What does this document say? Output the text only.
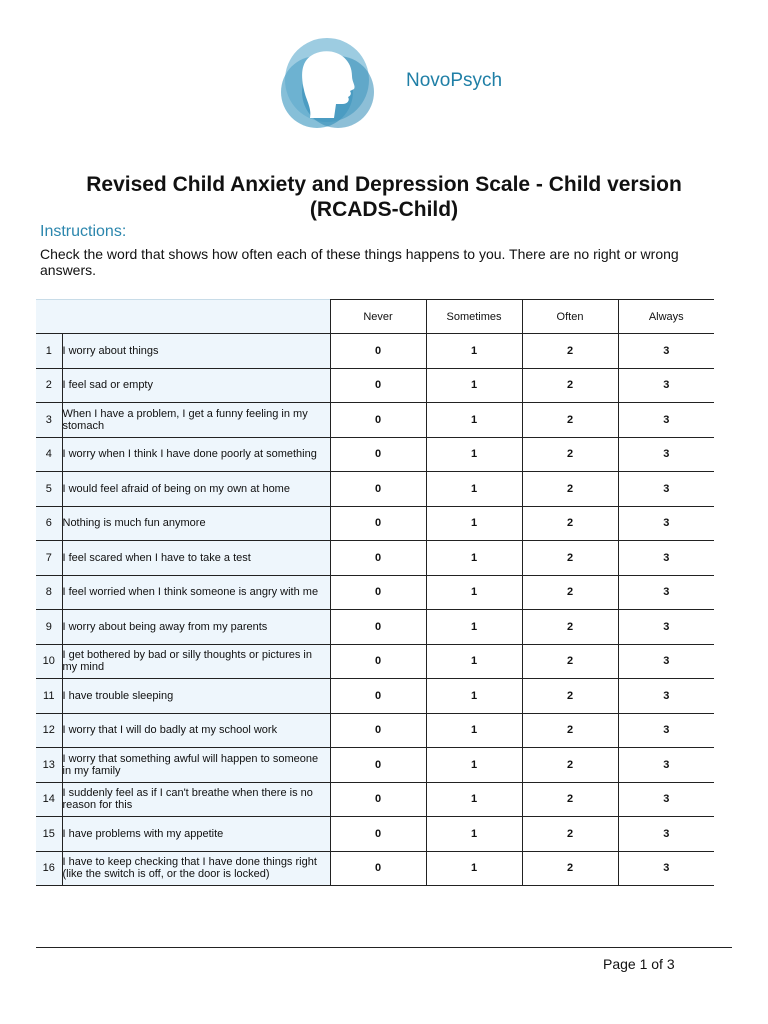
NovoPsych
Revised Child Anxiety and Depression Scale - Child version
(RCADS-Child)
Instructions:
Check the word that shows how often each of these things happens to you. There are no right or wrong answers.
		Never	Sometimes	Often	Always
1	I worry about things	0	1	2	3
2	I feel sad or empty	0	1	2	3
3	When I have a problem, I get a funny feeling in my stomach	0	1	2	3
4	I worry when I think I have done poorly at something	0	1	2	3
5	I would feel afraid of being on my own at home	0	1	2	3
6	Nothing is much fun anymore	0	1	2	3
7	I feel scared when I have to take a test	0	1	2	3
8	I feel worried when I think someone is angry with me	0	1	2	3
9	I worry about being away from my parents	0	1	2	3
10	I get bothered by bad or silly thoughts or pictures in my mind	0	1	2	3
11	I have trouble sleeping	0	1	2	3
12	I worry that I will do badly at my school work	0	1	2	3
13	I worry that something awful will happen to someone in my family	0	1	2	3
14	I suddenly feel as if I can't breathe when there is no reason for this	0	1	2	3
15	I have problems with my appetite	0	1	2	3
16	I have to keep checking that I have done things right (like the switch is off, or the door is locked)	0	1	2	3
Page 1 of 3
